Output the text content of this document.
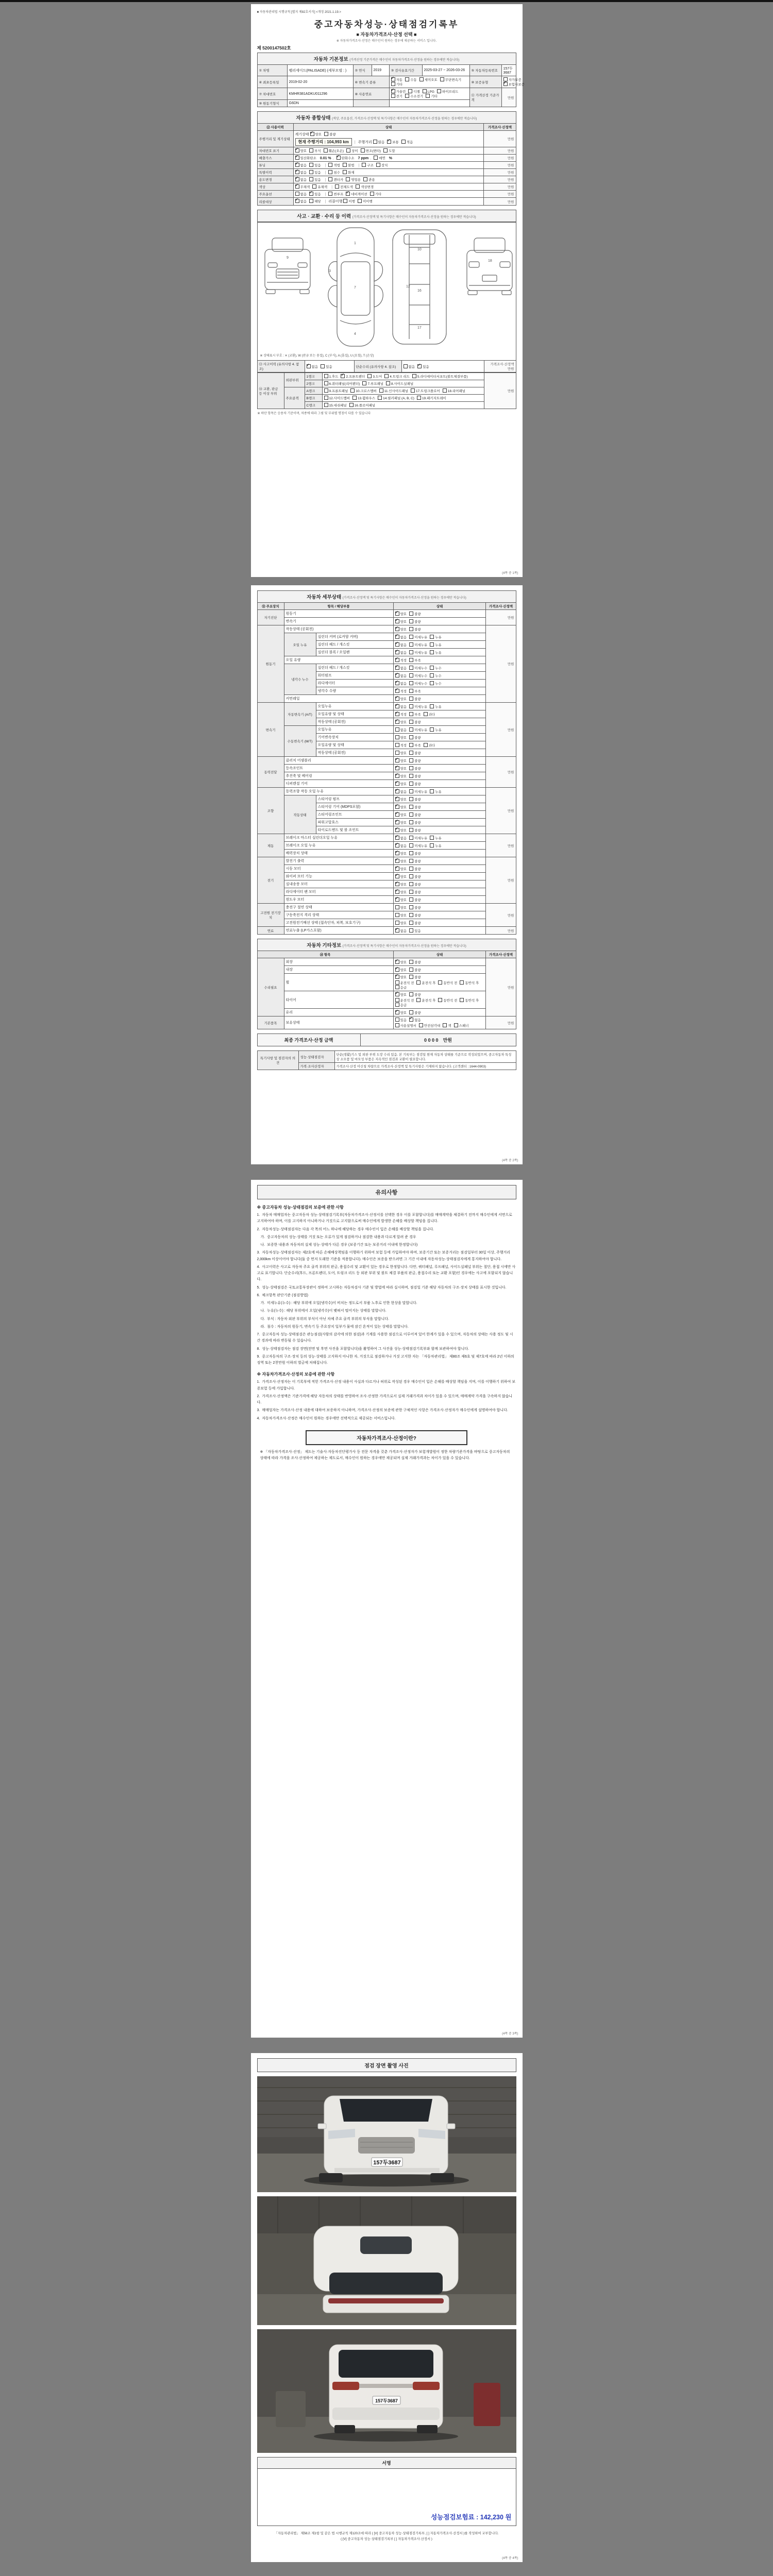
■ 자동차관리법 시행규칙 [별지 제82호서식] <개정 2021.1.19.>
중고자동차성능·상태점검기록부
■ 자동차가격조사·산정 선택 ■
※ 자동차가격조사·산정은 매수인이 원하는 경우에 제공하는 서비스 입니다.
제 5200147502호
자동차 기본정보 (가격산정 기준가격은 매수인이 자동차가격조사·산정을 원하는 경우에만 적습니다)							
① 차명	펠리세이드(PALISADE) (세부모델 : )	② 연식	2019	③ 검사유효기간	2025-03-27 ~ 2026-03-26	⑤ 자동차등록번호	157두3687
④ 최초등록일	2019-02-20	⑥ 변속기 종류	✓자동 수동 세미오토 무단변속기기타		⑩ 보증유형	자가보증✓보험사보증
⑦ 차대번호	KMHR381ADKU011296	⑧ 사용연료	✓가솔린 디젤 LPG 하이브리드전기 수소전기 기타		⑪ 가격산정 기준가격	만원
⑨ 원동기형식	G6DN						
자동차 종합상태 (색상, 주요옵션, 가격조사·산정액 및 특기사항은 매수인이 자동차가격조사·산정을 원하는 경우에만 적습니다)		
⑫ 사용이력	상태	가격조사·산정액
주행거리 및 계기상태	계기상태 ✓ 양호 불량
현재 주행거리 : 104,993 km | 주행거리 많음 ✓ 보통 적음	만원
차대번호 표기	✓양호 부식 훼손(오손) 상이 변조(변타) 도말	만원
배출가스	✓일산화탄소 0.01 % , ✓ 탄화수소 7 ppm , 매연 %	만원
튜닝	✓없음 있음 | 적법 불법 | 구조 장치	만원
특별이력	✓없음 있음 | 침수 화재	만원
용도변경	✓없음 있음 | 렌터카 영업용 관용	만원
색상	✓무채색 유채색 | 전체도색 색상변경	만원
주요옵션	없음 ✓ 있음 | 썬루프 ✓ 네비게이션 기타	만원
리콜대상	✓없음 해당 | 리콜이행 이행 미이행	만원
사고 · 교환 · 수리 등 이력 (가격조사·산정액 및 특기사항은 매수인이 자동차가격조사·산정을 원하는 경우에만 적습니다)
9
1
7
4
3
10
12
16
17
18
※ 상태표시 부호 : ✕ (교환), W (판금 또는 용접), C (부식), A (흠집), U (요철), T (손상)
⑬ 사고이력 (유의사항 4. 참조)	✓없음 있음	단순수리 (유의사항 4. 참조)	없음 ✓ 있음	가격조사·산정액
만원
⑭ 교환, 판금 등 이상 부위	외판부위	1랭크	1.후드 ✓ 2.프론트펜더 3.도어 4.트렁크 리드 5.라디에이터서포트(볼트체결부품)	만원
		2랭크	6.쿼터패널(리어펜더) 7.루프패널 8.사이드실패널	
	주요골격	A랭크	9.프론트패널 10.크로스멤버 11.인사이드패널 17.트렁크플로어 18.리어패널	
		B랭크	12.사이드멤버 13.휠하우스 14.필러패널 (A, B, C) 19.패키지트레이	
		C랭크	15.대쉬패널 16.플로어패널	
※ 하단 항목은 승용차 기준이며, 차종에 따라 그림 및 부위별 명칭이 다를 수 있습니다
(4쪽 중 1쪽)
자동차 세부상태 (가격조사·산정액 및 특기사항은 매수인이 자동차가격조사·산정을 원하는 경우에만 적습니다)				
⑮ 주요장치	항목 / 해당부품		상태	가격조사·산정액
자기진단	원동기	✓양호 불량	만원
	변속기	✓양호 불량
원동기	작동상태 (공회전)	✓양호 불량	만원
	오일 누유	실린더 커버 (로커암 커버)	✓없음 미세누유 누유
		실린더 헤드 / 개스킷	✓없음 미세누유 누유
		실린더 블록 / 오일팬	✓없음 미세누유 누유
	오일 유량	✓적정 부족
	냉각수 누수	실린더 헤드 / 개스킷	✓없음 미세누수 누수
		워터펌프	✓없음 미세누수 누수
		라디에이터	✓없음 미세누수 누수
		냉각수 수량	✓적정 부족
	커먼레일	✓양호 불량
변속기	자동변속기 (A/T)	오일누유	✓없음 미세누유 누유	만원
		오일유량 및 상태	✓적정 부족 과다
		작동상태 (공회전)	✓양호 불량
	수동변속기 (M/T)	오일누유	없음 미세누유 누유	
		기어변속장치	양호 불량	
		오일유량 및 상태	적정 부족 과다	
		작동상태 (공회전)	양호 불량	
동력전달	클러치 어셈블리	✓양호 불량	만원
	등속조인트	✓양호 불량
	추진축 및 베어링	✓양호 불량
	디퍼렌셜 기어	✓양호 불량
조향	동력조향 작동 오일 누유	✓없음 미세누유 누유	만원
	작동상태	스티어링 펌프	✓양호 불량
		스티어링 기어 (MDPS포함)	✓양호 불량
		스티어링조인트	✓양호 불량
		파워고압호스	✓양호 불량
		타이로드엔드 및 볼 조인트	✓양호 불량
제동	브레이크 마스터 실린더오일 누유	✓없음 미세누유 누유	만원
	브레이크 오일 누유	✓없음 미세누유 누유
	배력장치 상태	✓양호 불량
전기	발전기 출력	✓양호 불량	만원
	시동 모터	✓양호 불량
	와이퍼 모터 기능	✓양호 불량
	실내송풍 모터	✓양호 불량
	라디에이터 팬 모터	✓양호 불량
	윈도우 모터	✓양호 불량
고전원 전기장치	충전구 절연 상태		양호 불량	만원
	구동축전지 격리 상태		양호 불량	
	고전원전기배선 상태 (접속단자, 피복, 보호기구)		양호 불량	
연료	연료누출 (LP가스포함)	✓없음 있음	만원
자동차 기타정보 (가격조사·산정액 및 특기사항은 매수인이 자동차가격조사·산정을 원하는 경우에만 적습니다)			
⑯ 항목		상태	가격조사·산정액
수리필요	외장	✓양호 불량	만원
	내장	✓양호 불량
	휠	✓양호 불량
운전석 전 운전석 후 동반석 전 동반석 후응급

	타이어	✓양호 불량
운전석 전 운전석 후 동반석 전 동반석 후응급

	유리	✓양호 불량
기본품목	보유상태	있음 ✓ 없음
사용설명서 안전삼각대 잭 스패너	만원
최종 가격조사·산정 금액	0 0 0 0　 만원
특기사항 및 점검자의 의견	성능·상태점검자	단순(생활)기스 및 외판 부위 도장 수리 있음. 본 기록부는 점검일 현재 자동차 상태를 기준으로 작성되었으며, 중고자동차 특성상 소모품 및 마모성 부품은 지속적인 점검과 교환이 필요합니다.
	가격·조사산정자	가격조사·산정 미신청 차량으로 가격조사·산정액 및 특기사항은 기재하지 않습니다. (고객센터 : 1644-0903)
(4쪽 중 2쪽)
유의사항
※ 중고자동차 성능·상태점검의 보증에 관한 사항

1.  자동차 매매업자는 중고자동차 성능·상태점검기록부(자동차가격조사·산정서를 선택한 경우 이를 포함합니다)를 매매계약을 체결하기 전까지 매수인에게 서면으로 고지하여야 하며, 이를 고지하지 아니하거나 거짓으로 고지함으로써 매수인에게 발생한 손해를 배상할 책임을 집니다.

2.  자동차성능·상태점검자는 다음 각 목의 어느 하나에 해당하는 경우 매수인이 입은 손해를 배상할 책임을 집니다.

　가.  중고자동차의 성능·상태를 거짓 또는 오류가 있게 점검하거나 점검한 내용과 다르게 알려 준 경우

　나.  보증한 내용과 자동차의 실제 성능·상태가 다른 경우 (보증기간 또는 보증거리 이내에 한정합니다)

3.  자동차성능·상태점검자는 제2호에 따른 손해배상책임을 이행하기 위하여 보험 등에 가입하여야 하며, 보증기간 또는 보증거리는 점검일부터 30일 이상, 주행거리 2,000km 이상이어야 합니다(둘 중 먼저 도래한 기준을 적용합니다). 매수인은 보증을 받으려면 그 기간 이내에 자동차성능·상태점검자에게 통지하여야 합니다.

4.  사고이력은 사고로 자동차 주요 골격 부위의 판금, 용접수리 및 교환이 있는 경우로 한정합니다. 다만, 쿼터패널, 루프패널, 사이드실패널 부위는 절단, 용접 시에만 사고로 표기합니다. 단순수리(후드, 프론트펜더, 도어, 트렁크 리드 등 외판 부위 및 볼트 체결 부품의 판금, 용접수리 또는 교환 포함)인 경우에는 사고에 포함되지 않습니다.

5.  성능·상태점검은 국토교통부장관이 정하여 고시하는 자동차검사 기준 및 방법에 따라 실시하며, 점검일 기준 해당 자동차의 구조·장치 상태를 표시한 것입니다.

6.  체크항목 판단기준 (점검방법)

　가.  미세누유(누수) : 해당 부위에 오일(냉각수)이 비치는 정도로서 부품 노후로 인한 현상을 말합니다.

　나.  누유(누수) : 해당 부위에서 오일(냉각수)이 맺혀서 떨어지는 상태를 말합니다.

　다.  부식 : 자동차 외판 부위의 부식이 아닌 차체 주요 골격 부위의 부식을 말합니다.

　라.  침수 : 자동차의 원동기, 변속기 등 주요장치 일부가 물에 잠긴 흔적이 있는 상태를 말합니다.

7.  중고자동차 성능·상태점검은 관능점검(사람의 감각에 의한 점검)과 기계를 사용한 점검으로 이루어져 있어 한계가 있을 수 있으며, 자동차의 상태는 사용 정도 및 시간 경과에 따라 변동될 수 있습니다.

8.  성능·상태점검자는 점검 장면(전면 및 후면 사진을 포함합니다)을 촬영하여 그 사진을 성능·상태점검기록부와 함께 보관하여야 합니다.

9.  중고자동차의 구조·장치 등의 성능·상태를 고지하지 아니한 자, 거짓으로 점검하거나 거짓 고지한 자는 「자동차관리법」 제80조 제6호 및 제7호에 따라 2년 이하의 징역 또는 2천만원 이하의 벌금에 처해집니다.

※ 자동차가격조사·산정의 보증에 관한 사항

1.  가격조사·산정자는 이 기록부에 적힌 가격조사·산정 내용이 사실과 다르거나 허위로 작성된 경우 매수인이 입은 손해를 배상할 책임을 지며, 이를 이행하기 위하여 보증보험 등에 가입합니다.

2.  가격조사·산정액은 기준가격에 해당 자동차의 상태를 반영하여 조사·산정한 가격으로서 실제 거래가격과 차이가 있을 수 있으며, 매매계약 가격을 구속하지 않습니다.

3.  매매업자는 가격조사·산정 내용에 대하여 보증하지 아니하며, 가격조사·산정의 보증에 관한 구체적인 사항은 가격조사·산정자가 매수인에게 설명하여야 합니다.

4.  자동차가격조사·산정은 매수인이 원하는 경우에만 선택적으로 제공되는 서비스입니다.

자동차가격조사·산정이란?
※ 「자동차가격조사·산정」 제도는 기술사·자동차진단평가사 등 전문 자격을 갖춘 가격조사·산정자가 보험개발원이 정한 차량기준가격을 바탕으로 중고자동차의 상태에 따라 가격을 조사·산정하여 제공하는 제도로서, 매수인이 원하는 경우에만 제공되며 실제 거래가격과는 차이가 있을 수 있습니다.
(4쪽 중 3쪽)
점검 장면 촬영 사진
157두3687
157두3687
서명
성능점검보험료 : 142,230 원
「자동차관리법」 제58조 제1항 및 같은 법 시행규칙 제120조에 따라 ( [V] 중고자동차 성능·상태점검기록부, [ ] 자동차가격조사·산정서 )를 작성하여 교부합니다.
( [V] 중고자동차 성능·상태점검기록부 [ ] 자동차가격조사·산정서 )
(4쪽 중 4쪽)
